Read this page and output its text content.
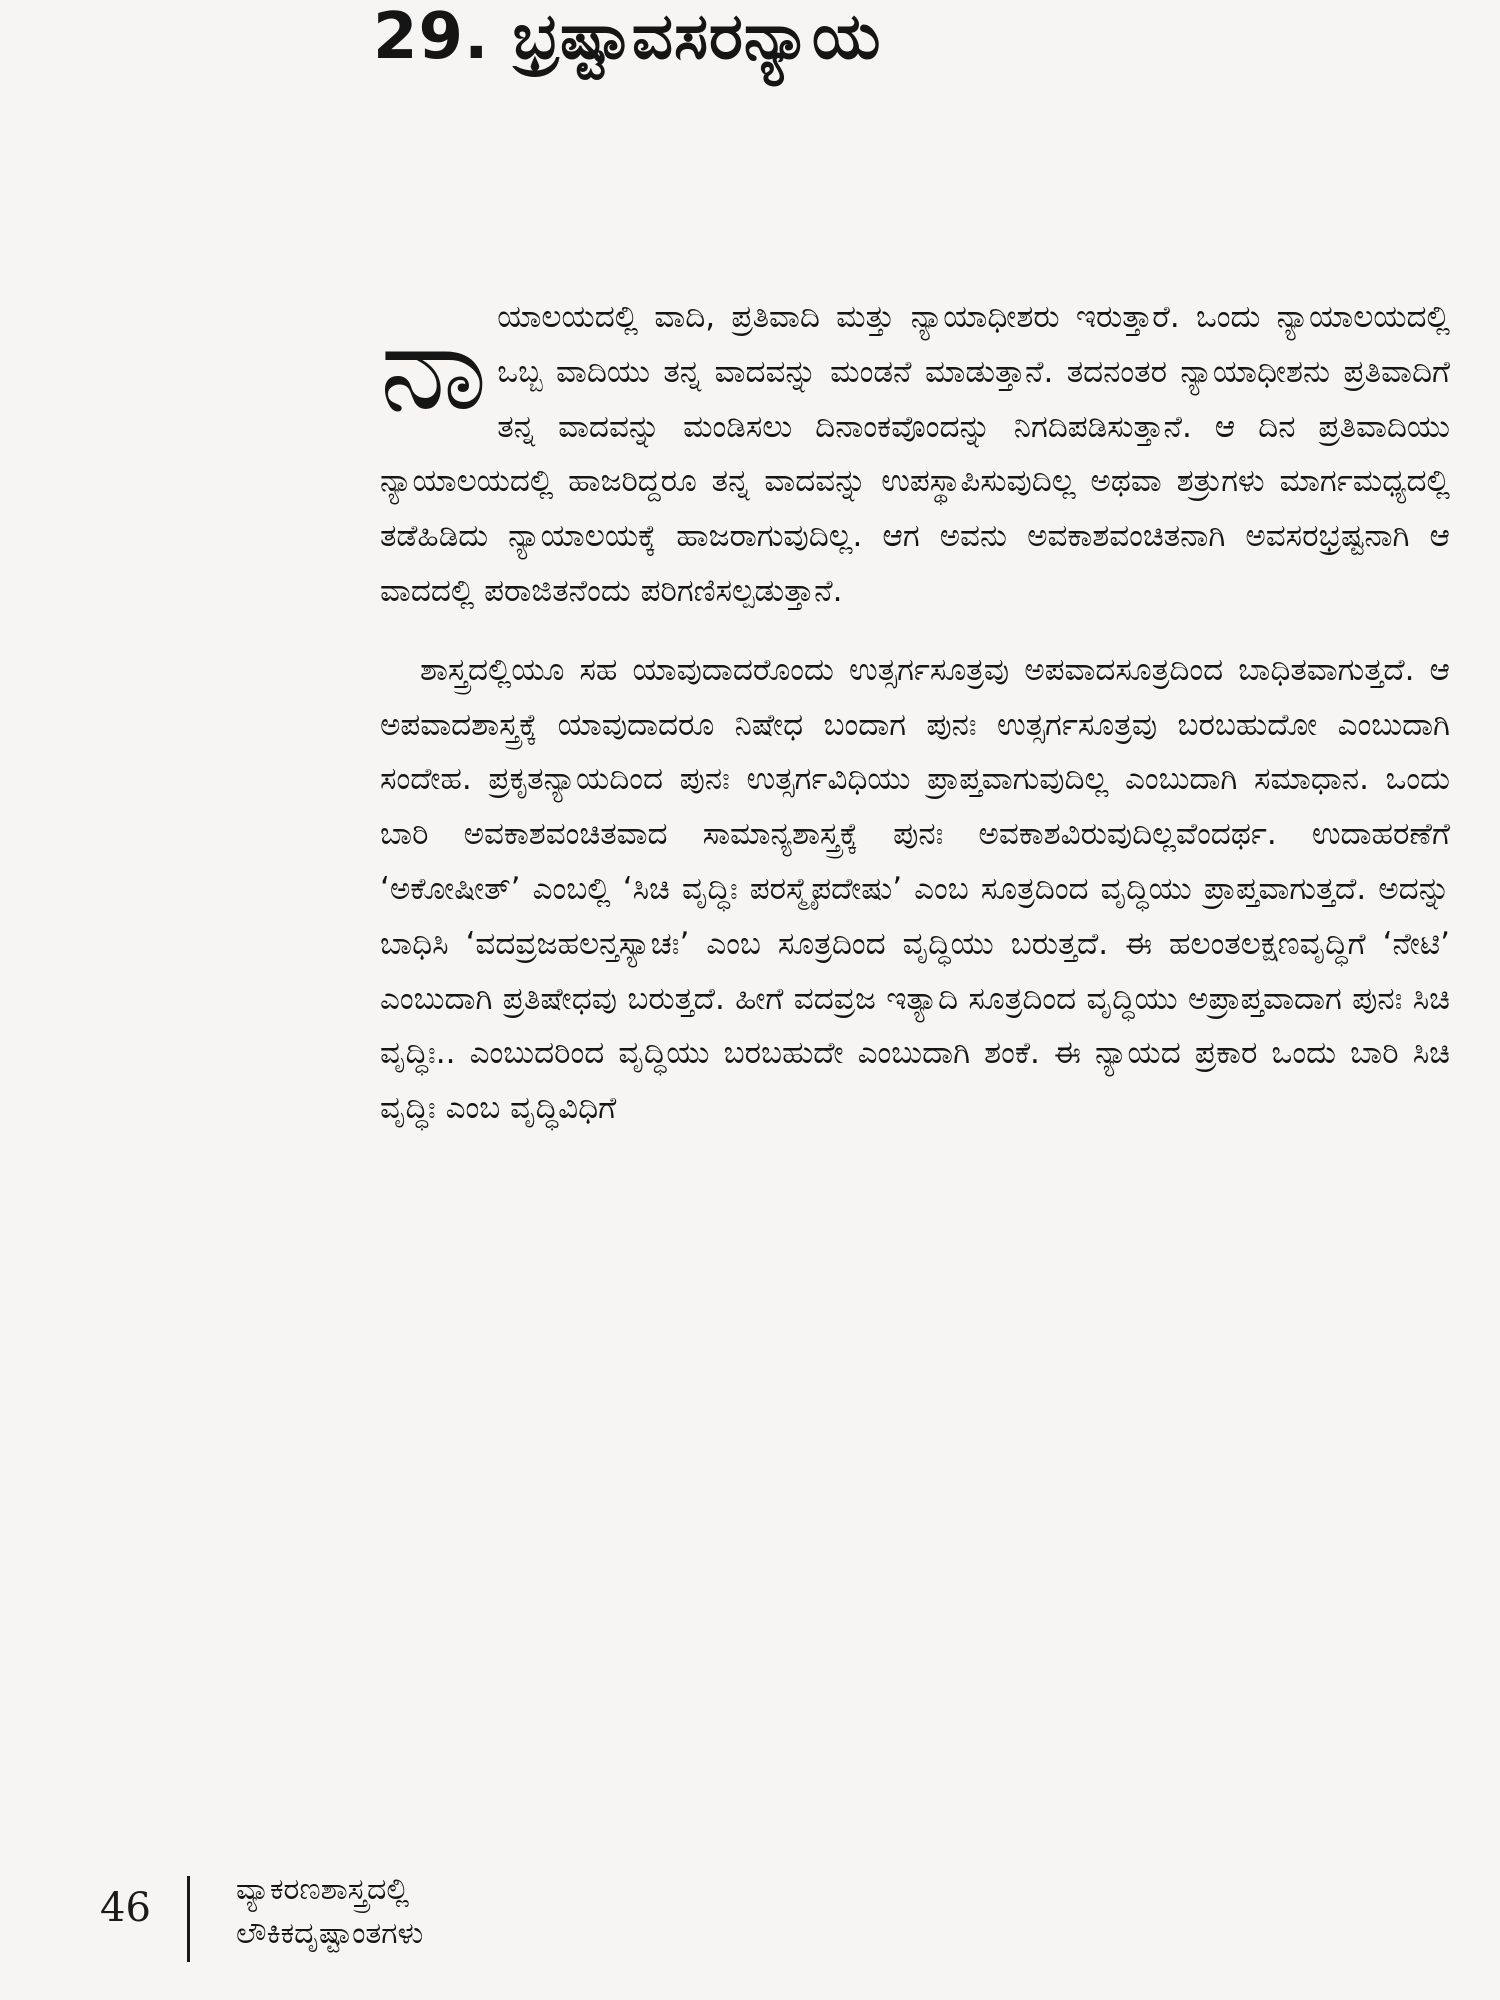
29. ಭ್ರಷ್ಟಾವಸರನ್ಯಾಯ

ನಾಯಾಲಯದಲ್ಲಿ ವಾದಿ, ಪ್ರತಿವಾದಿ ಮತ್ತು ನ್ಯಾಯಾಧೀಶರು ಇರುತ್ತಾರೆ. ಒಂದು ನ್ಯಾಯಾಲಯದಲ್ಲಿ ಒಬ್ಬ ವಾದಿಯು ತನ್ನ ವಾದವನ್ನು ಮಂಡನೆ ಮಾಡುತ್ತಾನೆ. ತದನಂತರ ನ್ಯಾಯಾಧೀಶನು ಪ್ರತಿವಾದಿಗೆ ತನ್ನ ವಾದವನ್ನು ಮಂಡಿಸಲು ದಿನಾಂಕವೊಂದನ್ನು ನಿಗದಿಪಡಿಸುತ್ತಾನೆ. ಆ ದಿನ ಪ್ರತಿವಾದಿಯು ನ್ಯಾಯಾಲಯದಲ್ಲಿ ಹಾಜರಿದ್ದರೂ ತನ್ನ ವಾದವನ್ನು ಉಪಸ್ಥಾಪಿಸುವುದಿಲ್ಲ ಅಥವಾ ಶತ್ರುಗಳು ಮಾರ್ಗಮಧ್ಯದಲ್ಲಿ ತಡೆಹಿಡಿದು ನ್ಯಾಯಾಲಯಕ್ಕೆ ಹಾಜರಾಗುವುದಿಲ್ಲ. ಆಗ ಅವನು ಅವಕಾಶವಂಚಿತನಾಗಿ ಅವಸರಭ್ರಷ್ಟನಾಗಿ ಆ ವಾದದಲ್ಲಿ ಪರಾಜಿತನೆಂದು ಪರಿಗಣಿಸಲ್ಪಡುತ್ತಾನೆ.

ಶಾಸ್ತ್ರದಲ್ಲಿಯೂ ಸಹ ಯಾವುದಾದರೊಂದು ಉತ್ಸರ್ಗಸೂತ್ರವು ಅಪವಾದಸೂತ್ರದಿಂದ ಬಾಧಿತವಾಗುತ್ತದೆ. ಆ ಅಪವಾದಶಾಸ್ತ್ರಕ್ಕೆ ಯಾವುದಾದರೂ ನಿಷೇಧ ಬಂದಾಗ ಪುನಃ ಉತ್ಸರ್ಗಸೂತ್ರವು ಬರಬಹುದೋ ಎಂಬುದಾಗಿ ಸಂದೇಹ. ಪ್ರಕೃತನ್ಯಾಯದಿಂದ ಪುನಃ ಉತ್ಸರ್ಗವಿಧಿಯು ಪ್ರಾಪ್ತವಾಗುವುದಿಲ್ಲ ಎಂಬುದಾಗಿ ಸಮಾಧಾನ. ಒಂದು ಬಾರಿ ಅವಕಾಶವಂಚಿತವಾದ ಸಾಮಾನ್ಯಶಾಸ್ತ್ರಕ್ಕೆ ಪುನಃ ಅವಕಾಶವಿರುವುದಿಲ್ಲವೆಂದರ್ಥ. ಉದಾಹರಣೆಗೆ ‘ಅಕೋಷೀತ್’ ಎಂಬಲ್ಲಿ ‘ಸಿಚಿ ವೃದ್ಧಿಃ ಪರಸ್ಮೈಪದೇಷು’ ಎಂಬ ಸೂತ್ರದಿಂದ ವೃದ್ಧಿಯು ಪ್ರಾಪ್ತವಾಗುತ್ತದೆ. ಅದನ್ನು ಬಾಧಿಸಿ ‘ವದವ್ರಜಹಲನ್ತಸ್ಯಾಚಃ’ ಎಂಬ ಸೂತ್ರದಿಂದ ವೃದ್ಧಿಯು ಬರುತ್ತದೆ. ಈ ಹಲಂತಲಕ್ಷಣವೃದ್ಧಿಗೆ ‘ನೇಟಿ’ ಎಂಬುದಾಗಿ ಪ್ರತಿಷೇಧವು ಬರುತ್ತದೆ. ಹೀಗೆ ವದವ್ರಜ ಇತ್ಯಾದಿ ಸೂತ್ರದಿಂದ ವೃದ್ಧಿಯು ಅಪ್ರಾಪ್ತವಾದಾಗ ಪುನಃ ಸಿಚಿ ವೃದ್ಧಿಃ.. ಎಂಬುದರಿಂದ ವೃದ್ಧಿಯು ಬರಬಹುದೇ ಎಂಬುದಾಗಿ ಶಂಕೆ. ಈ ನ್ಯಾಯದ ಪ್ರಕಾರ ಒಂದು ಬಾರಿ ಸಿಚಿ ವೃದ್ಧಿಃ ಎಂಬ ವೃದ್ಧಿವಿಧಿಗೆ

46	ವ್ಯಾಕರಣಶಾಸ್ತ್ರದಲ್ಲಿ
ಲೌಕಿಕದೃಷ್ಟಾಂತಗಳು
